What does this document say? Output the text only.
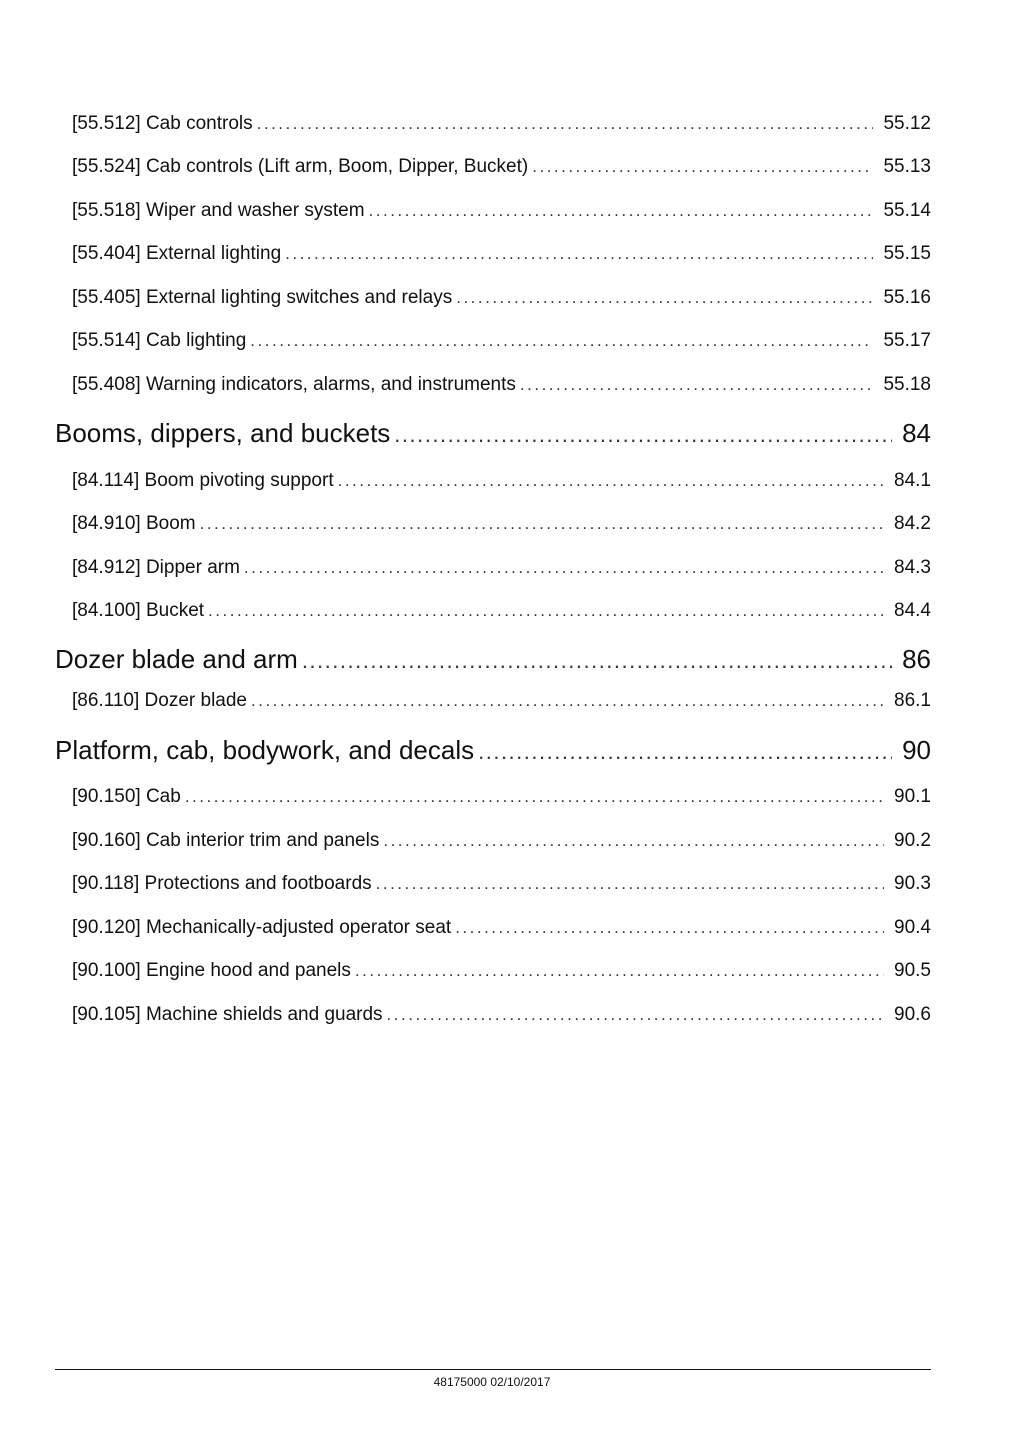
[55.512] Cab controls .....	55.12
[55.524] Cab controls (Lift arm, Boom, Dipper, Bucket) .....	55.13
[55.518] Wiper and washer system .....	55.14
[55.404] External lighting .....	55.15
[55.405] External lighting switches and relays .....	55.16
[55.514] Cab lighting .....	55.17
[55.408] Warning indicators, alarms, and instruments .....	55.18
Booms, dippers, and buckets .....	84
[84.114] Boom pivoting support .....	84.1
[84.910] Boom .....	84.2
[84.912] Dipper arm .....	84.3
[84.100] Bucket .....	84.4
Dozer blade and arm .....	86
[86.110] Dozer blade .....	86.1
Platform, cab, bodywork, and decals .....	90
[90.150] Cab .....	90.1
[90.160] Cab interior trim and panels .....	90.2
[90.118] Protections and footboards .....	90.3
[90.120] Mechanically-adjusted operator seat .....	90.4
[90.100] Engine hood and panels .....	90.5
[90.105] Machine shields and guards .....	90.6
48175000 02/10/2017
